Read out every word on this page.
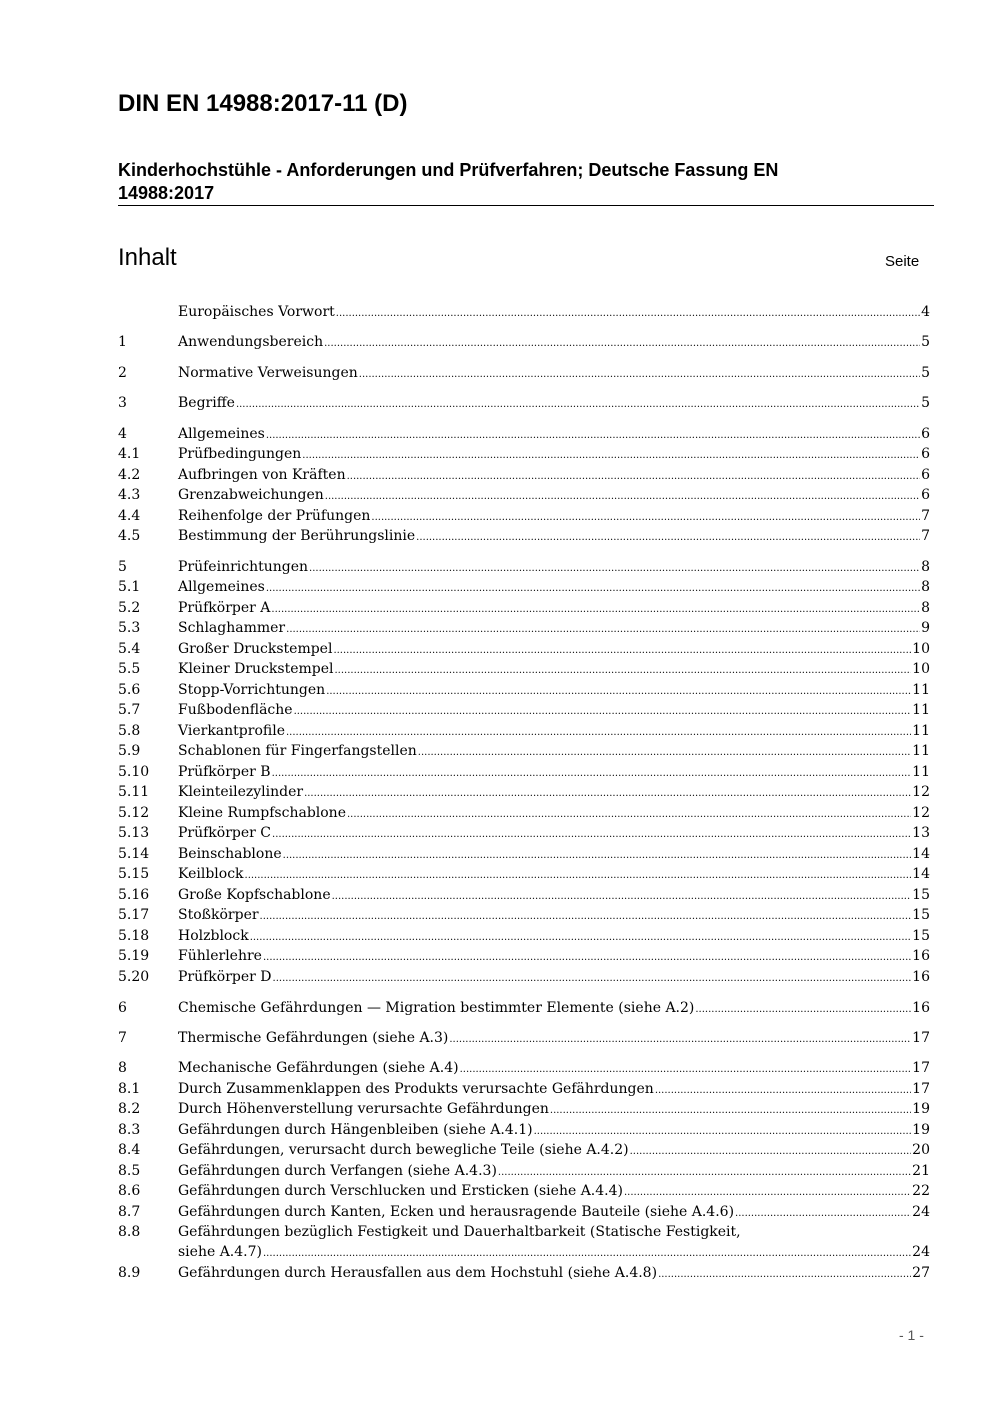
DIN EN 14988:2017-11 (D)
Kinderhochstühle - Anforderungen und Prüfverfahren; Deutsche Fassung EN 14988:2017
Inhalt	Seite
Europäisches Vorwort .....	4
1	Anwendungsbereich .....	5
2	Normative Verweisungen .....	5
3	Begriffe .....	5
4	Allgemeines .....	6
4.1	Prüfbedingungen .....	6
4.2	Aufbringen von Kräften .....	6
4.3	Grenzabweichungen .....	6
4.4	Reihenfolge der Prüfungen .....	7
4.5	Bestimmung der Berührungslinie .....	7
5	Prüfeinrichtungen .....	8
5.1	Allgemeines .....	8
5.2	Prüfkörper A .....	8
5.3	Schlaghammer .....	9
5.4	Großer Druckstempel .....	10
5.5	Kleiner Druckstempel .....	10
5.6	Stopp-Vorrichtungen .....	11
5.7	Fußbodenfläche .....	11
5.8	Vierkantprofile .....	11
5.9	Schablonen für Fingerfangstellen .....	11
5.10	Prüfkörper B .....	11
5.11	Kleinteilezylinder .....	12
5.12	Kleine Rumpfschablone .....	12
5.13	Prüfkörper C .....	13
5.14	Beinschablone .....	14
5.15	Keilblock .....	14
5.16	Große Kopfschablone .....	15
5.17	Stoßkörper .....	15
5.18	Holzblock .....	15
5.19	Fühlerlehre .....	16
5.20	Prüfkörper D .....	16
6	Chemische Gefährdungen — Migration bestimmter Elemente (siehe A.2) .....	16
7	Thermische Gefährdungen (siehe A.3) .....	17
8	Mechanische Gefährdungen (siehe A.4) .....	17
8.1	Durch Zusammenklappen des Produkts verursachte Gefährdungen .....	17
8.2	Durch Höhenverstellung verursachte Gefährdungen .....	19
8.3	Gefährdungen durch Hängenbleiben (siehe A.4.1) .....	19
8.4	Gefährdungen, verursacht durch bewegliche Teile (siehe A.4.2) .....	20
8.5	Gefährdungen durch Verfangen (siehe A.4.3) .....	21
8.6	Gefährdungen durch Verschlucken und Ersticken (siehe A.4.4) .....	22
8.7	Gefährdungen durch Kanten, Ecken und herausragende Bauteile (siehe A.4.6) .....	24
8.8	Gefährdungen bezüglich Festigkeit und Dauerhaltbarkeit (Statische Festigkeit,
siehe A.4.7) .....	24
8.9	Gefährdungen durch Herausfallen aus dem Hochstuhl (siehe A.4.8) .....	27
- 1 -
